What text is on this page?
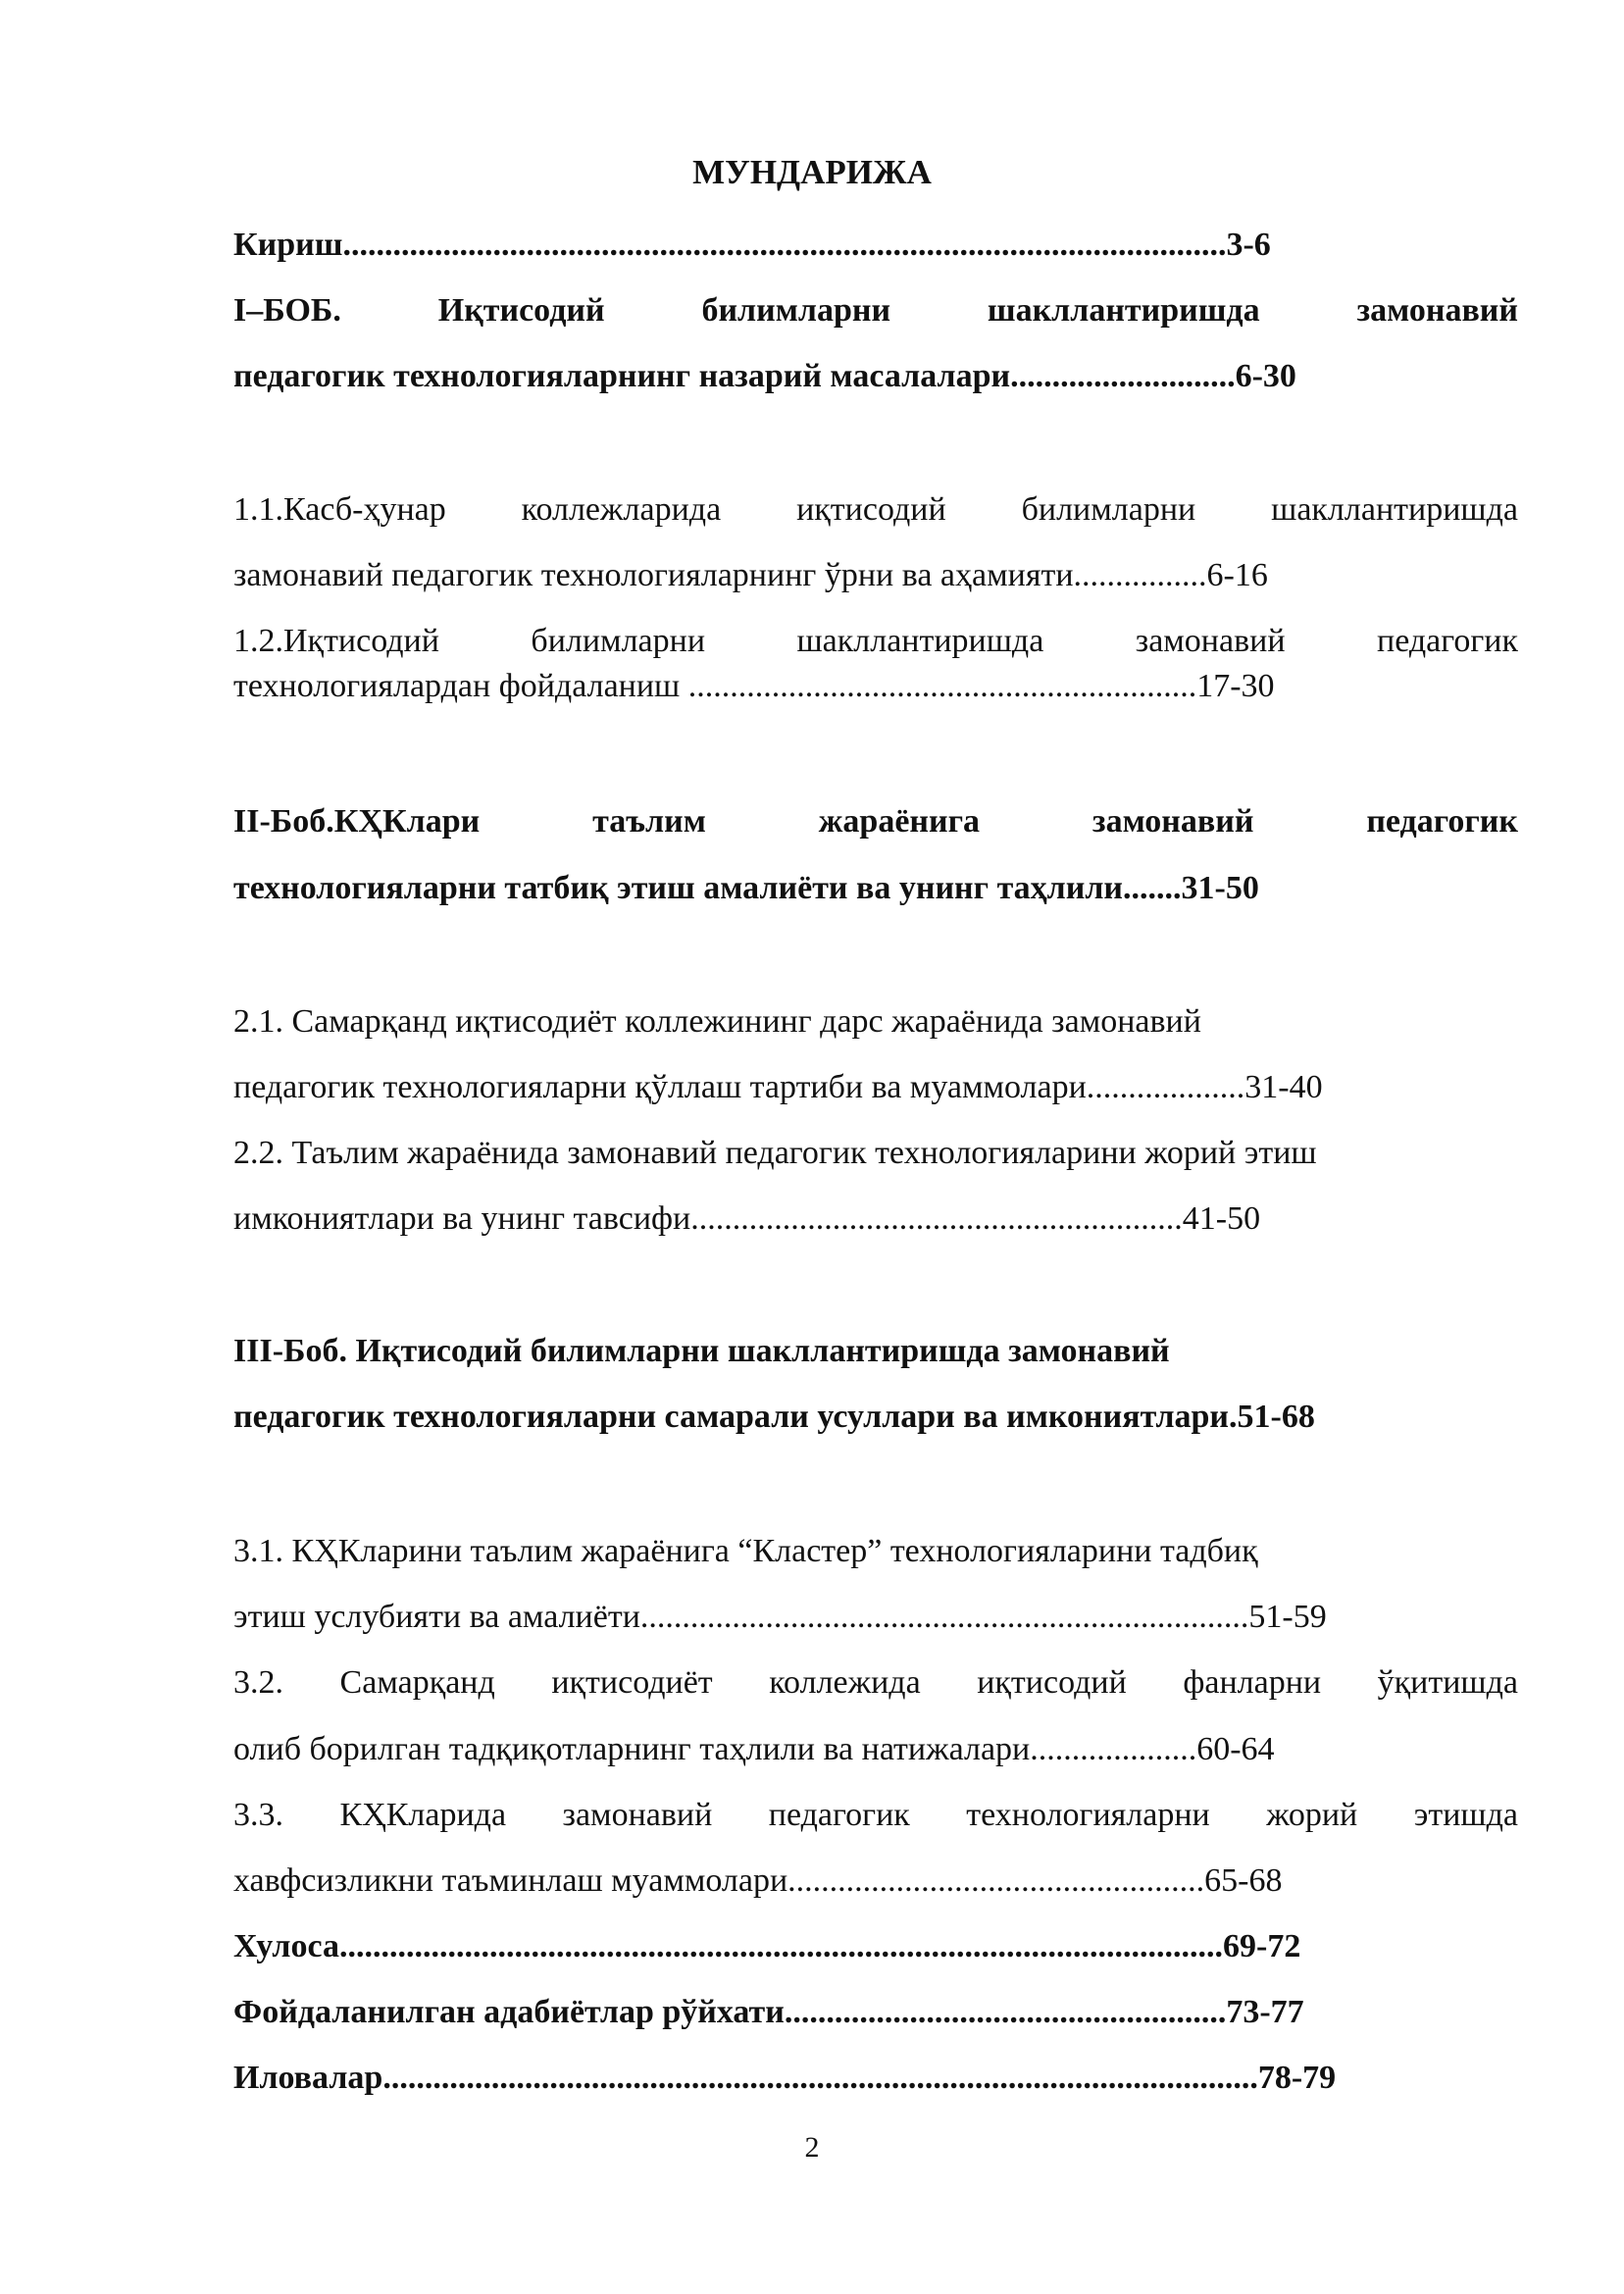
МУНДАРИЖА
Кириш..........................................................................................................3-6
I–БОБ.	Иқтисодий	билимларни	шакллантиришда	замонавий
педагогик технологияларнинг назарий масалалари...........................6-30
1.1.Касб-ҳунар коллежларида иқтисодий билимларни шакллантиришда
замонавий педагогик технологияларнинг ўрни ва аҳамияти................6-16
1.2.Иқтисодий	билимларни	шакллантиришда	замонавий	педагогик
технологиялардан фойдаланиш .............................................................17-30
II-Боб.КҲКлари	таълим	жараёнига	замонавий	педагогик
технологияларни татбиқ этиш амалиёти ва унинг таҳлили.......31-50
2.1. Самарқанд иқтисодиёт коллежининг дарс жараёнида замонавий
педагогик технологияларни қўллаш тартиби ва муаммолари...................31-40
2.2. Таълим жараёнида замонавий педагогик технологияларини жорий этиш
имкониятлари ва унинг тавсифи...........................................................41-50
III-Боб. Иқтисодий билимларни шакллантиришда замонавий
педагогик технологияларни самарали усуллари ва имкониятлари.51-68
3.1. КҲКларини таълим жараёнига “Кластер” технологияларини тадбиқ
этиш услубияти ва амалиёти.........................................................................51-59
3.2. Самарқанд иқтисодиёт коллежида иқтисодий фанларни ўқитишда
олиб борилган тадқиқотларнинг таҳлили ва натижалари....................60-64
3.3. КҲКларида замонавий педагогик технологияларни жорий этишда
хавфсизликни таъминлаш муаммолари..................................................65-68
Хулоса..........................................................................................................69-72
Фойдаланилган адабиётлар рўйхати.....................................................73-77
Иловалар.........................................................................................................78-79
2
